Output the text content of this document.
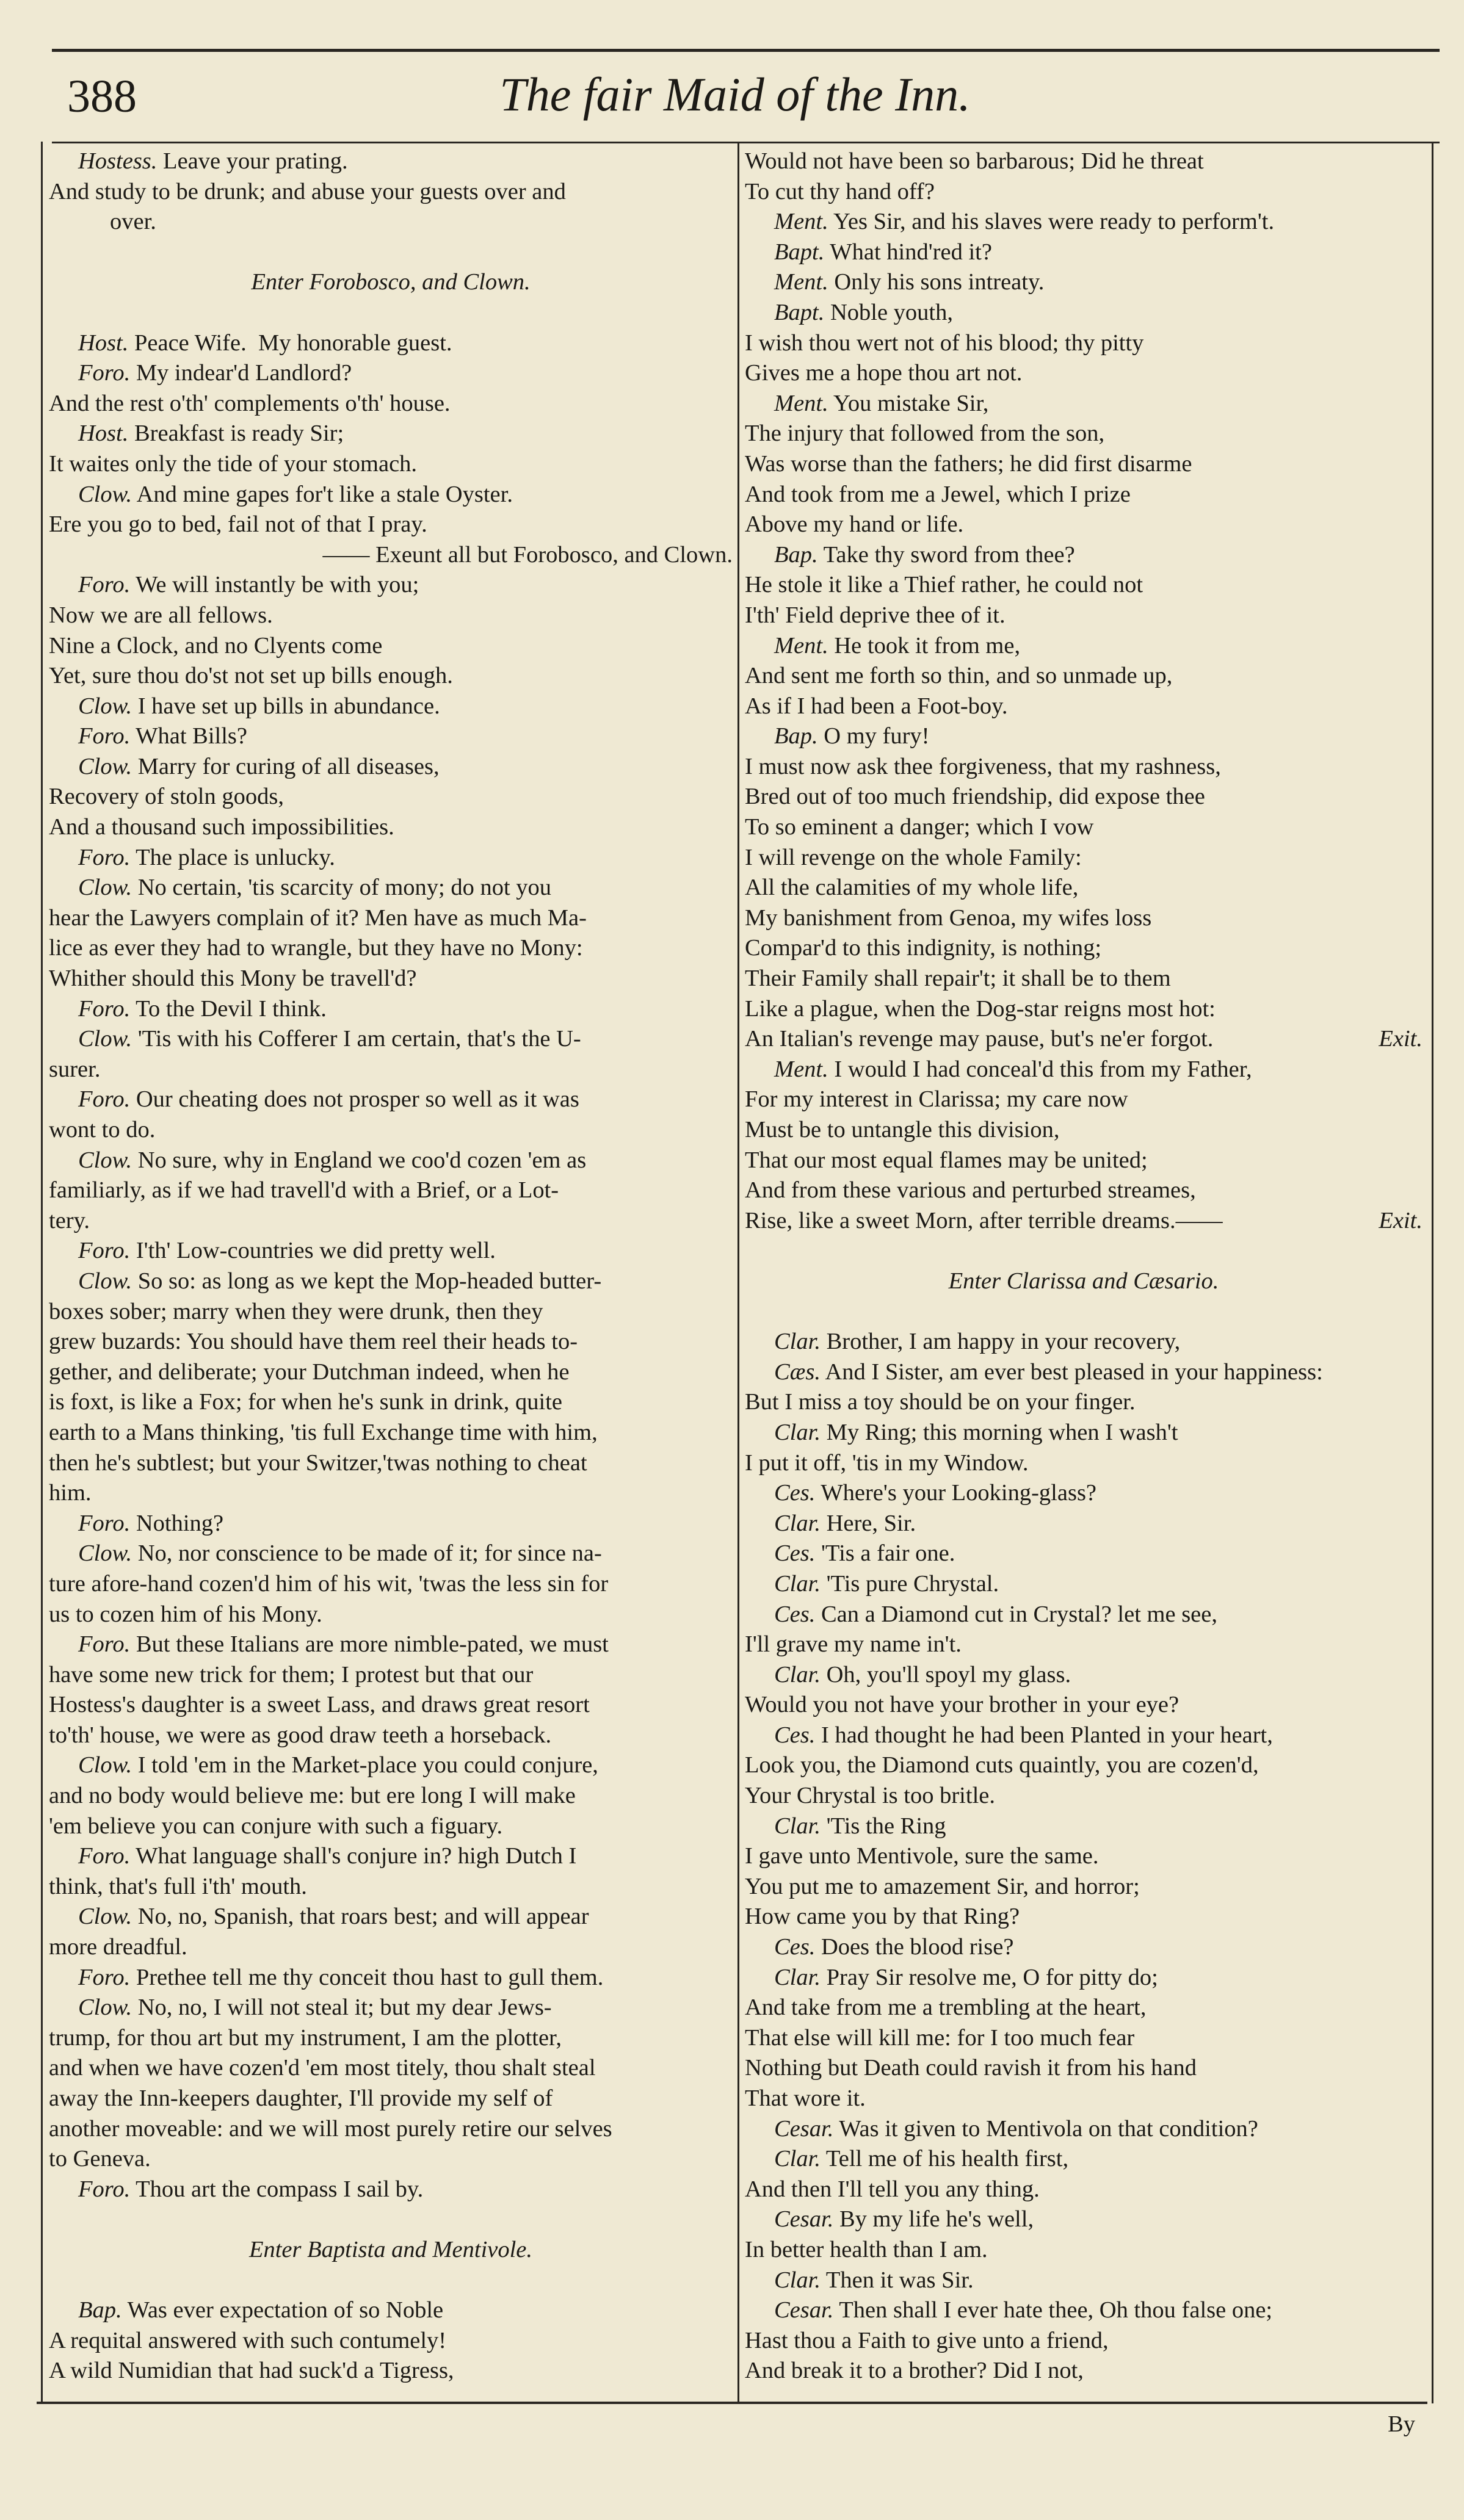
388	The fair Maid of the Inn.
Hostess. Leave your prating.
And study to be drunk; and abuse your guests over and
over.

Enter Forobosco, and Clown.

Host. Peace Wife.  My honorable guest.
Foro. My indear'd Landlord?
And the rest o'th' complements o'th' house.
Host. Breakfast is ready Sir;
It waites only the tide of your stomach.
Clow. And mine gapes for't like a stale Oyster.
Ere you go to bed, fail not of that I pray.
—— Exeunt all but Forobosco, and Clown.
Foro. We will instantly be with you;
Now we are all fellows.
Nine a Clock, and no Clyents come
Yet, sure thou do'st not set up bills enough.
Clow. I have set up bills in abundance.
Foro. What Bills?
Clow. Marry for curing of all diseases,
Recovery of stoln goods,
And a thousand such impossibilities.
Foro. The place is unlucky.
Clow. No certain, 'tis scarcity of mony; do not you
hear the Lawyers complain of it? Men have as much Ma-
lice as ever they had to wrangle, but they have no Mony:
Whither should this Mony be travell'd?
Foro. To the Devil I think.
Clow. 'Tis with his Cofferer I am certain, that's the U-
surer.
Foro. Our cheating does not prosper so well as it was
wont to do.
Clow. No sure, why in England we coo'd cozen 'em as
familiarly, as if we had travell'd with a Brief, or a Lot-
tery.
Foro. I'th' Low-countries we did pretty well.
Clow. So so: as long as we kept the Mop-headed butter-
boxes sober; marry when they were drunk, then they
grew buzards: You should have them reel their heads to-
gether, and deliberate; your Dutchman indeed, when he
is foxt, is like a Fox; for when he's sunk in drink, quite
earth to a Mans thinking, 'tis full Exchange time with him,
then he's subtlest; but your Switzer,'twas nothing to cheat
him.
Foro. Nothing?
Clow. No, nor conscience to be made of it; for since na-
ture afore-hand cozen'd him of his wit, 'twas the less sin for
us to cozen him of his Mony.
Foro. But these Italians are more nimble-pated, we must
have some new trick for them; I protest but that our
Hostess's daughter is a sweet Lass, and draws great resort
to'th' house, we were as good draw teeth a horseback.
Clow. I told 'em in the Market-place you could conjure,
and no body would believe me: but ere long I will make
'em believe you can conjure with such a figuary.
Foro. What language shall's conjure in? high Dutch I
think, that's full i'th' mouth.
Clow. No, no, Spanish, that roars best; and will appear
more dreadful.
Foro. Prethee tell me thy conceit thou hast to gull them.
Clow. No, no, I will not steal it; but my dear Jews-
trump, for thou art but my instrument, I am the plotter,
and when we have cozen'd 'em most titely, thou shalt steal
away the Inn-keepers daughter, I'll provide my self of
another moveable: and we will most purely retire our selves
to Geneva.
Foro. Thou art the compass I sail by.

Enter Baptista and Mentivole.

Bap. Was ever expectation of so Noble
A requital answered with such contumely!
A wild Numidian that had suck'd a Tigress,
Would not have been so barbarous; Did he threat
To cut thy hand off?
Ment. Yes Sir, and his slaves were ready to perform't.
Bapt. What hind'red it?
Ment. Only his sons intreaty.
Bapt. Noble youth,
I wish thou wert not of his blood; thy pitty
Gives me a hope thou art not.
Ment. You mistake Sir,
The injury that followed from the son,
Was worse than the fathers; he did first disarme
And took from me a Jewel, which I prize
Above my hand or life.
Bap. Take thy sword from thee?
He stole it like a Thief rather, he could not
I'th' Field deprive thee of it.
Ment. He took it from me,
And sent me forth so thin, and so unmade up,
As if I had been a Foot-boy.
Bap. O my fury!
I must now ask thee forgiveness, that my rashness,
Bred out of too much friendship, did expose thee
To so eminent a danger; which I vow
I will revenge on the whole Family:
All the calamities of my whole life,
My banishment from Genoa, my wifes loss
Compar'd to this indignity, is nothing;
Their Family shall repair't; it shall be to them
Like a plague, when the Dog-star reigns most hot:
An Italian's revenge may pause, but's ne'er forgot.	Exit.
Ment. I would I had conceal'd this from my Father,
For my interest in Clarissa; my care now
Must be to untangle this division,
That our most equal flames may be united;
And from these various and perturbed streames,
Rise, like a sweet Morn, after terrible dreams.——	Exit.

Enter Clarissa and Cæsario.

Clar. Brother, I am happy in your recovery,
Cæs. And I Sister, am ever best pleased in your happiness:
But I miss a toy should be on your finger.
Clar. My Ring; this morning when I wash't
I put it off, 'tis in my Window.
Ces. Where's your Looking-glass?
Clar. Here, Sir.
Ces. 'Tis a fair one.
Clar. 'Tis pure Chrystal.
Ces. Can a Diamond cut in Crystal? let me see,
I'll grave my name in't.
Clar. Oh, you'll spoyl my glass.
Would you not have your brother in your eye?
Ces. I had thought he had been Planted in your heart,
Look you, the Diamond cuts quaintly, you are cozen'd,
Your Chrystal is too britle.
Clar. 'Tis the Ring
I gave unto Mentivole, sure the same.
You put me to amazement Sir, and horror;
How came you by that Ring?
Ces. Does the blood rise?
Clar. Pray Sir resolve me, O for pitty do;
And take from me a trembling at the heart,
That else will kill me: for I too much fear
Nothing but Death could ravish it from his hand
That wore it.
Cesar. Was it given to Mentivola on that condition?
Clar. Tell me of his health first,
And then I'll tell you any thing.
Cesar. By my life he's well,
In better health than I am.
Clar. Then it was Sir.
Cesar. Then shall I ever hate thee, Oh thou false one;
Hast thou a Faith to give unto a friend,
And break it to a brother? Did I not,
By
